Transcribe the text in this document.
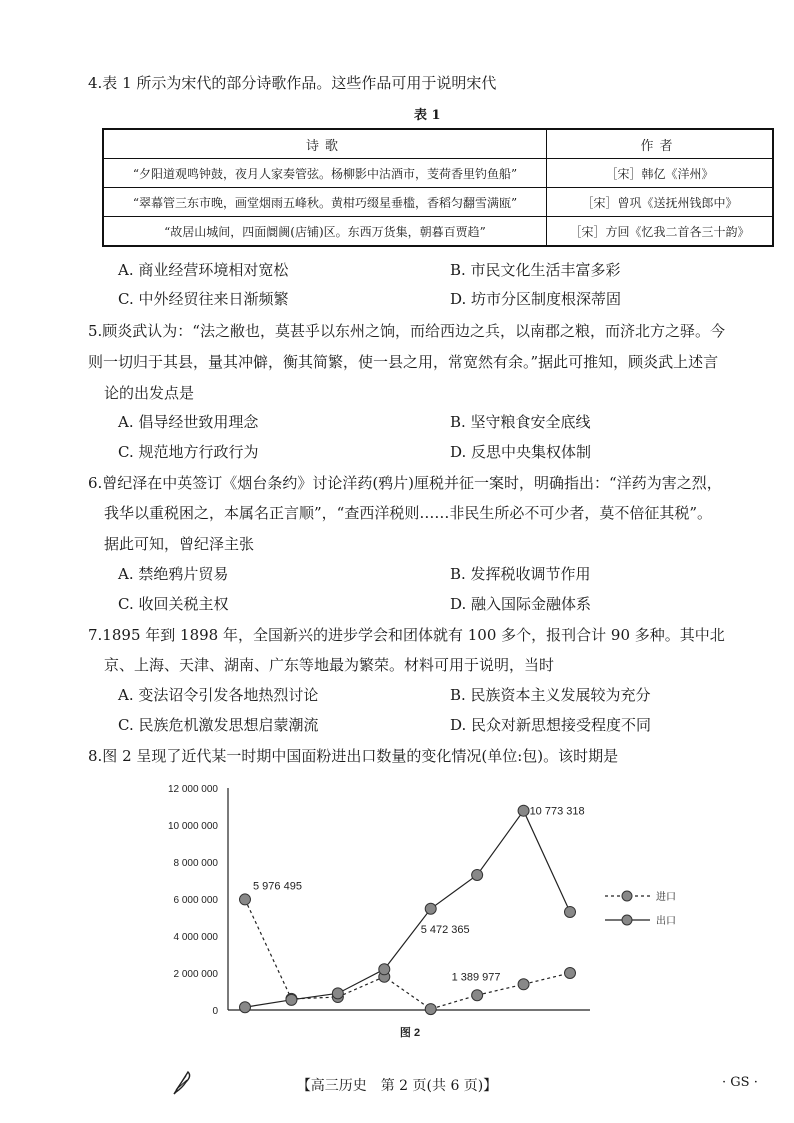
4.表 1 所示为宋代的部分诗歌作品。这些作品可用于说明宋代
表 1
诗歌	作者
“夕阳道观鸣钟鼓，夜月人家奏管弦。杨柳影中沽酒市，芰荷香里钓鱼船”	［宋］韩亿《洋州》
“翠幕管三东市晚，画堂烟雨五峰秋。黄柑巧缀星垂槛，香稻匀翻雪满瓯”	［宋］曾巩《送抚州钱郎中》
“故居山城间，四面阛阓(店铺)区。东西万货集，朝暮百贾趋”	［宋］方回《忆我二首各三十韵》
A. 商业经营环境相对宽松	B. 市民文化生活丰富多彩
C. 中外经贸往来日渐频繁	D. 坊市分区制度根深蒂固
5.顾炎武认为：“法之敝也，莫甚乎以东州之饷，而给西边之兵，以南郡之粮，而济北方之驿。今
则一切归于其县，量其冲僻，衡其简繁，使一县之用，常宽然有余。”据此可推知，顾炎武上述言
论的出发点是
A. 倡导经世致用理念	B. 坚守粮食安全底线
C. 规范地方行政行为	D. 反思中央集权体制
6.曾纪泽在中英签订《烟台条约》讨论洋药(鸦片)厘税并征一案时，明确指出：“洋药为害之烈，
我华以重税困之，本属名正言顺”，“查西洋税则……非民生所必不可少者，莫不倍征其税”。
据此可知，曾纪泽主张
A. 禁绝鸦片贸易	B. 发挥税收调节作用
C. 收回关税主权	D. 融入国际金融体系
7.1895 年到 1898 年，全国新兴的进步学会和团体就有 100 多个，报刊合计 90 多种。其中北
京、上海、天津、湖南、广东等地最为繁荣。材料可用于说明，当时
A. 变法诏令引发各地热烈讨论	B. 民族资本主义发展较为充分
C. 民族危机激发思想启蒙潮流	D. 民众对新思想接受程度不同
8.图 2 呈现了近代某一时期中国面粉进出口数量的变化情况(单位:包)。该时期是
12 000 000
10 000 000
8 000 000
6 000 000
4 000 000
2 000 000
0
5 976 495
5 472 365
10 773 318
1 389 977
进口
出口
图 2
【高三历史　第 2 页(共 6 页)】	· GS ·
